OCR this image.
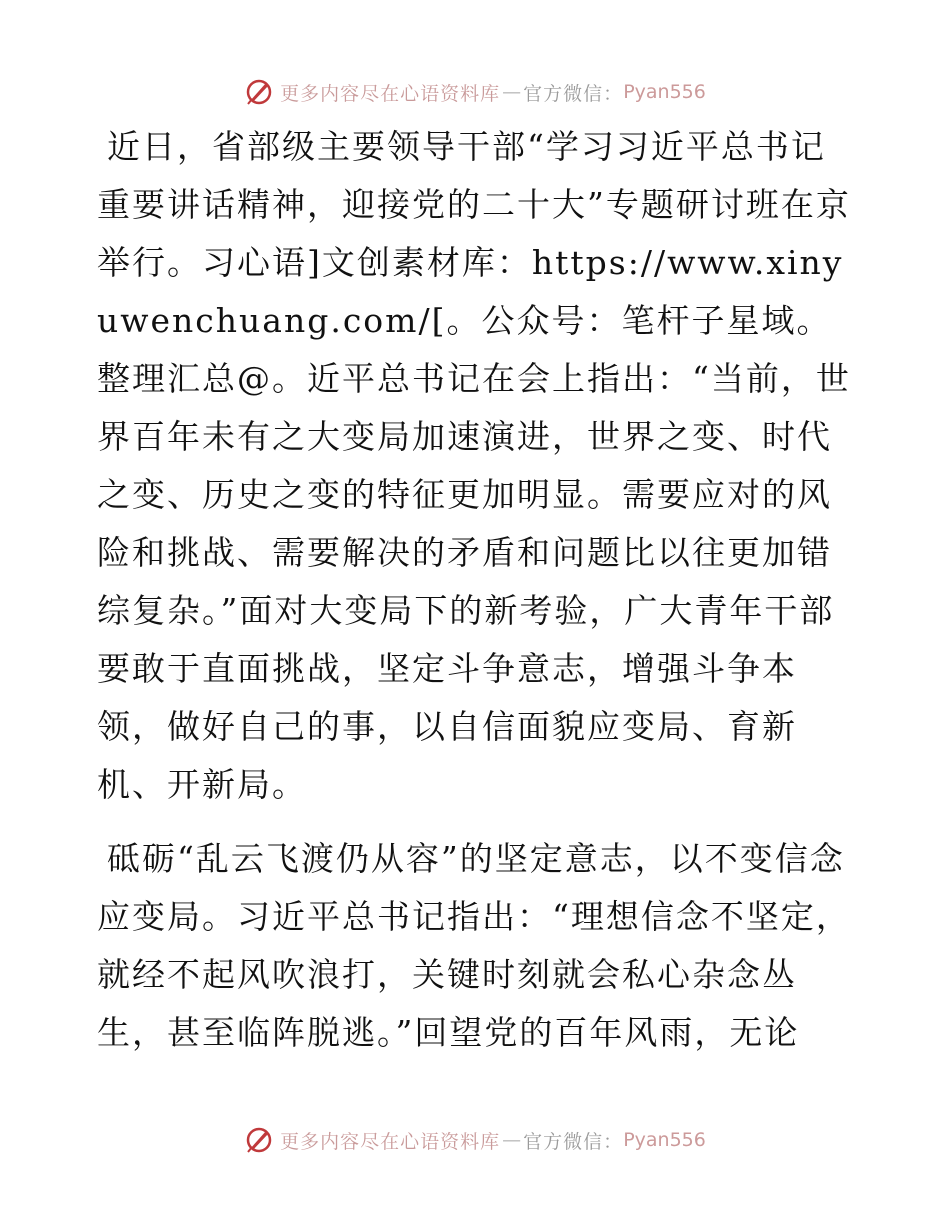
更多内容尽在心语资料库 — 官方微信： Pyan556

近日，省部级主要领导干部“学习习近平总书记重要讲话精神，迎接党的二十大”专题研讨班在京举行。习心语]文创素材库：https://www.xinyuwenchuang.com/[。公众号：笔杆子星域。整理汇总@。近平总书记在会上指出：“当前，世界百年未有之大变局加速演进，世界之变、时代之变、历史之变的特征更加明显。需要应对的风险和挑战、需要解决的矛盾和问题比以往更加错综复杂。”面对大变局下的新考验，广大青年干部要敢于直面挑战，坚定斗争意志，增强斗争本领，做好自己的事，以自信面貌应变局、育新机、开新局。

砥砺“乱云飞渡仍从容”的坚定意志，以不变信念应变局。习近平总书记指出：“理想信念不坚定，就经不起风吹浪打，关键时刻就会私心杂念丛生，甚至临阵脱逃。”回望党的百年风雨，无论

更多内容尽在心语资料库 — 官方微信： Pyan556
